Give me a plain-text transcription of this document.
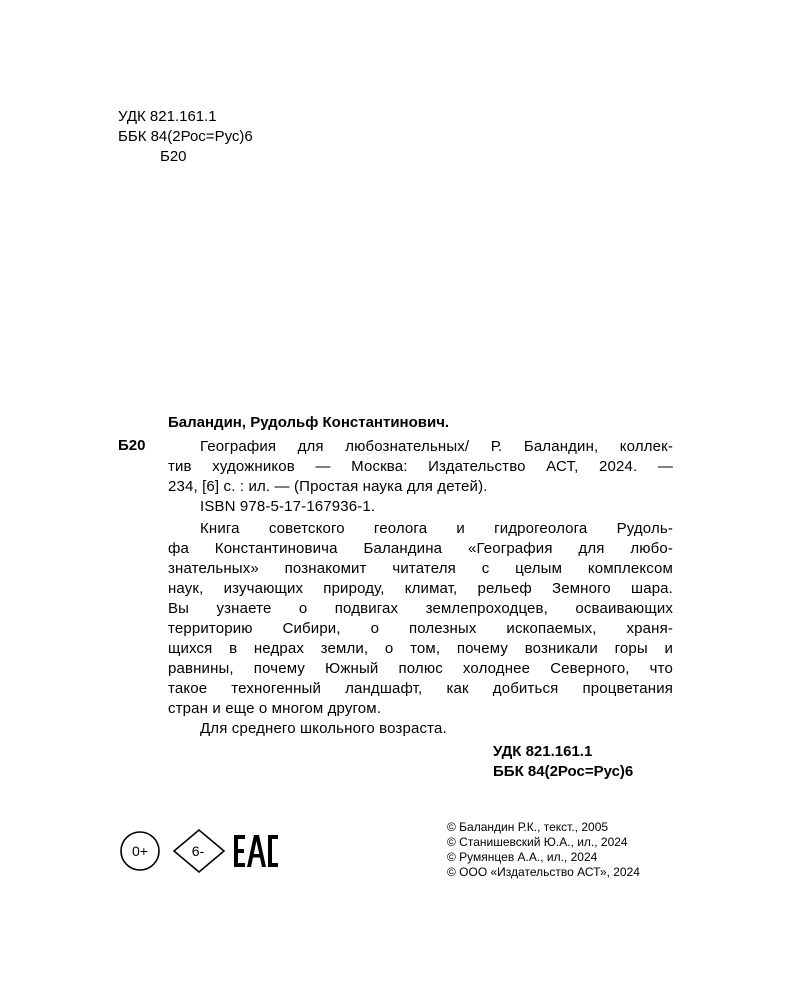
УДК 821.161.1
ББК 84(2Рос=Рус)6
Б20
Баландин, Рудольф Константинович.
Б20	География для любознательных/ Р. Баландин, коллек-
тив художников — Москва: Издательство АСТ, 2024. —
234, [6] с. : ил. — (Простая наука для детей).
ISBN 978-5-17-167936-1.
Книга советского геолога и гидрогеолога Рудоль-
фа Константиновича Баландина «География для любо-
знательных» познакомит читателя с целым комплексом
наук, изучающих природу, климат, рельеф Земного шара.
Вы узнаете о подвигах землепроходцев, осваивающих
территорию Сибири, о полезных ископаемых, храня-
щихся в недрах земли, о том, почему возникали горы и
равнины, почему Южный полюс холоднее Северного, что
такое техногенный ландшафт, как добиться процветания
стран и еще о многом другом.
Для среднего школьного возраста.
УДК 821.161.1
ББК 84(2Рос=Рус)6
0+	6-
© Баландин Р.К., текст., 2005
© Станишевский Ю.А., ил., 2024
© Румянцев А.А., ил., 2024
© ООО «Издательство АСТ», 2024
